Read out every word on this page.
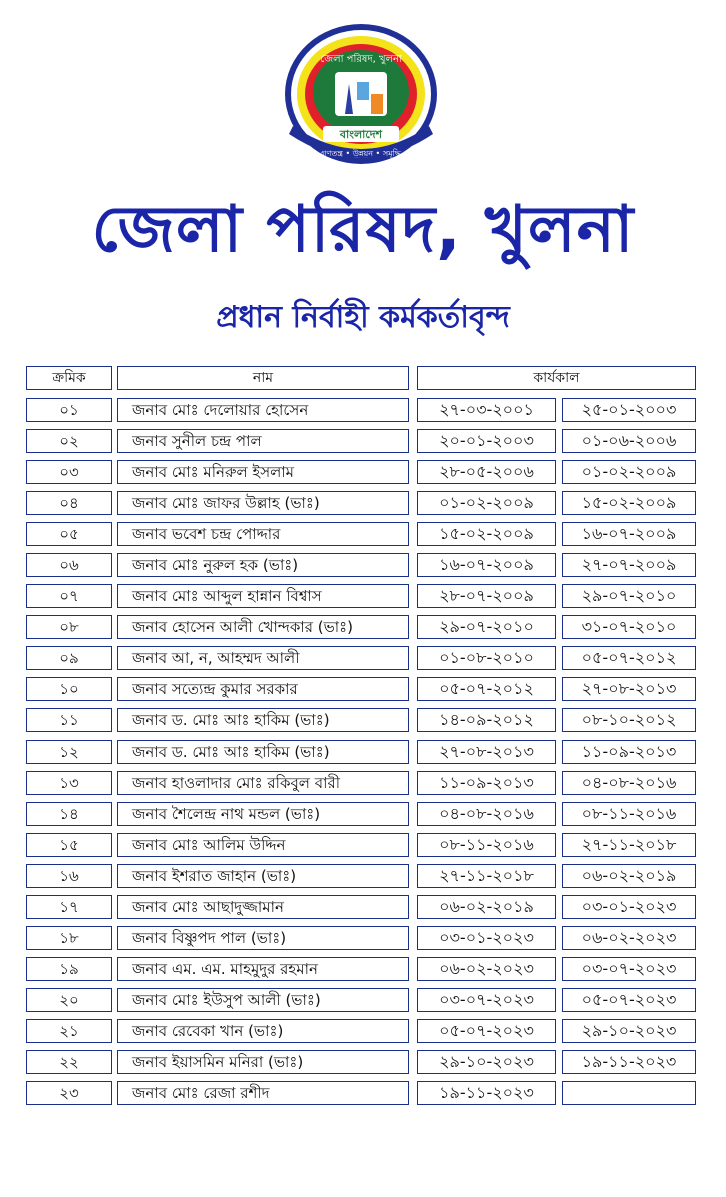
জেলা পরিষদ, খুলনা
বাংলাদেশ
গণতন্ত্র • উন্নয়ন • সমৃদ্ধি
জেলা পরিষদ, খুলনা
প্রধান নির্বাহী কর্মকর্তাবৃন্দ
ক্রমিক	নাম	কার্যকাল
০১	জনাব মোঃ দেলোয়ার হোসেন	২৭-০৩-২০০১	২৫-০১-২০০৩
০২	জনাব সুনীল চন্দ্র পাল	২০-০১-২০০৩	০১-০৬-২০০৬
০৩	জনাব মোঃ মনিরুল ইসলাম	২৮-০৫-২০০৬	০১-০২-২০০৯
০৪	জনাব মোঃ জাফর উল্লাহ (ভাঃ)	০১-০২-২০০৯	১৫-০২-২০০৯
০৫	জনাব ভবেশ চন্দ্র পোদ্দার	১৫-০২-২০০৯	১৬-০৭-২০০৯
০৬	জনাব মোঃ নুরুল হক (ভাঃ)	১৬-০৭-২০০৯	২৭-০৭-২০০৯
০৭	জনাব মোঃ আব্দুল হান্নান বিশ্বাস	২৮-০৭-২০০৯	২৯-০৭-২০১০
০৮	জনাব হোসেন আলী খোন্দকার (ভাঃ)	২৯-০৭-২০১০	৩১-০৭-২০১০
০৯	জনাব আ, ন, আহম্মদ আলী	০১-০৮-২০১০	০৫-০৭-২০১২
১০	জনাব সত্যেন্দ্র কুমার সরকার	০৫-০৭-২০১২	২৭-০৮-২০১৩
১১	জনাব ড. মোঃ আঃ হাকিম (ভাঃ)	১৪-০৯-২০১২	০৮-১০-২০১২
১২	জনাব ড. মোঃ আঃ হাকিম (ভাঃ)	২৭-০৮-২০১৩	১১-০৯-২০১৩
১৩	জনাব হাওলাদার মোঃ রকিবুল বারী	১১-০৯-২০১৩	০৪-০৮-২০১৬
১৪	জনাব শৈলেন্দ্র নাথ মন্ডল (ভাঃ)	০৪-০৮-২০১৬	০৮-১১-২০১৬
১৫	জনাব মোঃ আলিম উদ্দিন	০৮-১১-২০১৬	২৭-১১-২০১৮
১৬	জনাব ইশরাত জাহান (ভাঃ)	২৭-১১-২০১৮	০৬-০২-২০১৯
১৭	জনাব মোঃ আছাদুজ্জামান	০৬-০২-২০১৯	০৩-০১-২০২৩
১৮	জনাব বিষ্ণুপদ পাল (ভাঃ)	০৩-০১-২০২৩	০৬-০২-২০২৩
১৯	জনাব এম. এম. মাহমুদুর রহমান	০৬-০২-২০২৩	০৩-০৭-২০২৩
২০	জনাব মোঃ ইউসুপ আলী (ভাঃ)	০৩-০৭-২০২৩	০৫-০৭-২০২৩
২১	জনাব রেবেকা খান (ভাঃ)	০৫-০৭-২০২৩	২৯-১০-২০২৩
২২	জনাব ইয়াসমিন মনিরা (ভাঃ)	২৯-১০-২০২৩	১৯-১১-২০২৩
২৩	জনাব মোঃ রেজা রশীদ	১৯-১১-২০২৩
